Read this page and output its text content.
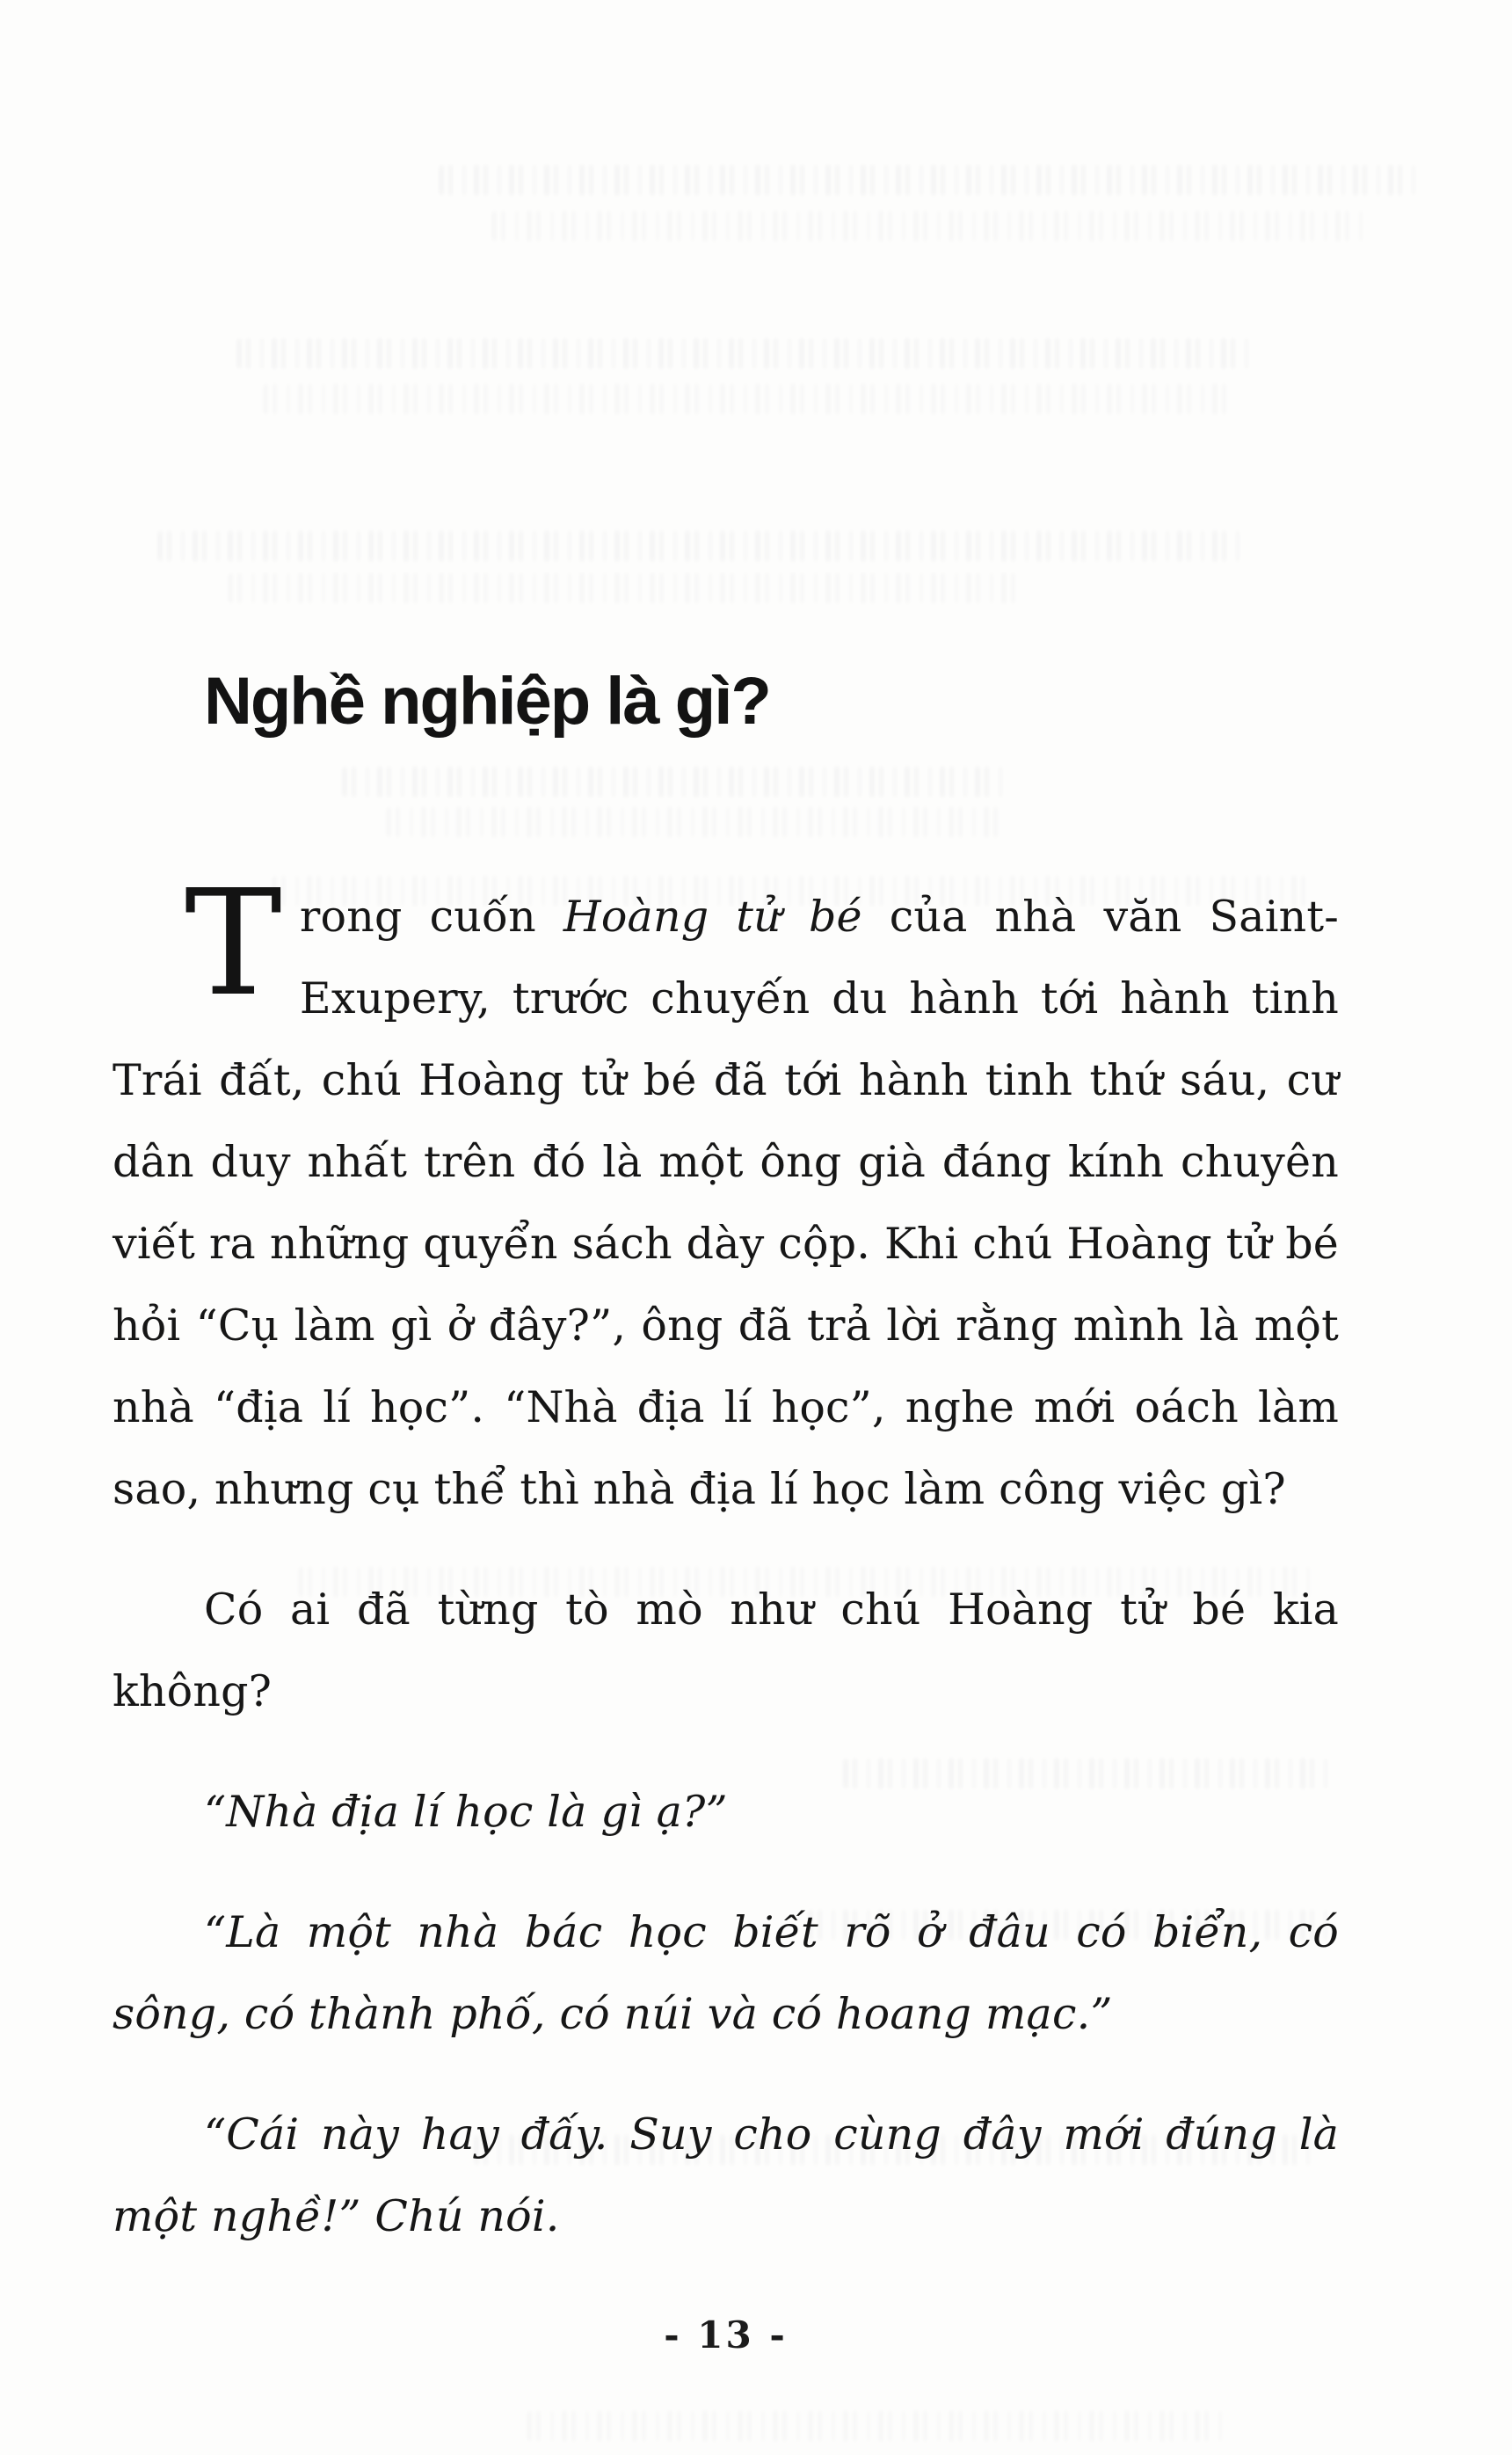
Nghề nghiệp là gì?

Trong cuốn Hoàng tử bé của nhà văn Saint-Exupery, trước chuyến du hành tới hành tinh Trái đất, chú Hoàng tử bé đã tới hành tinh thứ sáu, cư dân duy nhất trên đó là một ông già đáng kính chuyên viết ra những quyển sách dày cộp. Khi chú Hoàng tử bé hỏi “Cụ làm gì ở đây?”, ông đã trả lời rằng mình là một nhà “địa lí học”. “Nhà địa lí học”, nghe mới oách làm sao, nhưng cụ thể thì nhà địa lí học làm công việc gì?

Có ai đã từng tò mò như chú Hoàng tử bé kia không?

“Nhà địa lí học là gì ạ?”

“Là một nhà bác học biết rõ ở đâu có biển, có sông, có thành phố, có núi và có hoang mạc.”

“Cái này hay đấy. Suy cho cùng đây mới đúng là một nghề!” Chú nói.

- 13 -
